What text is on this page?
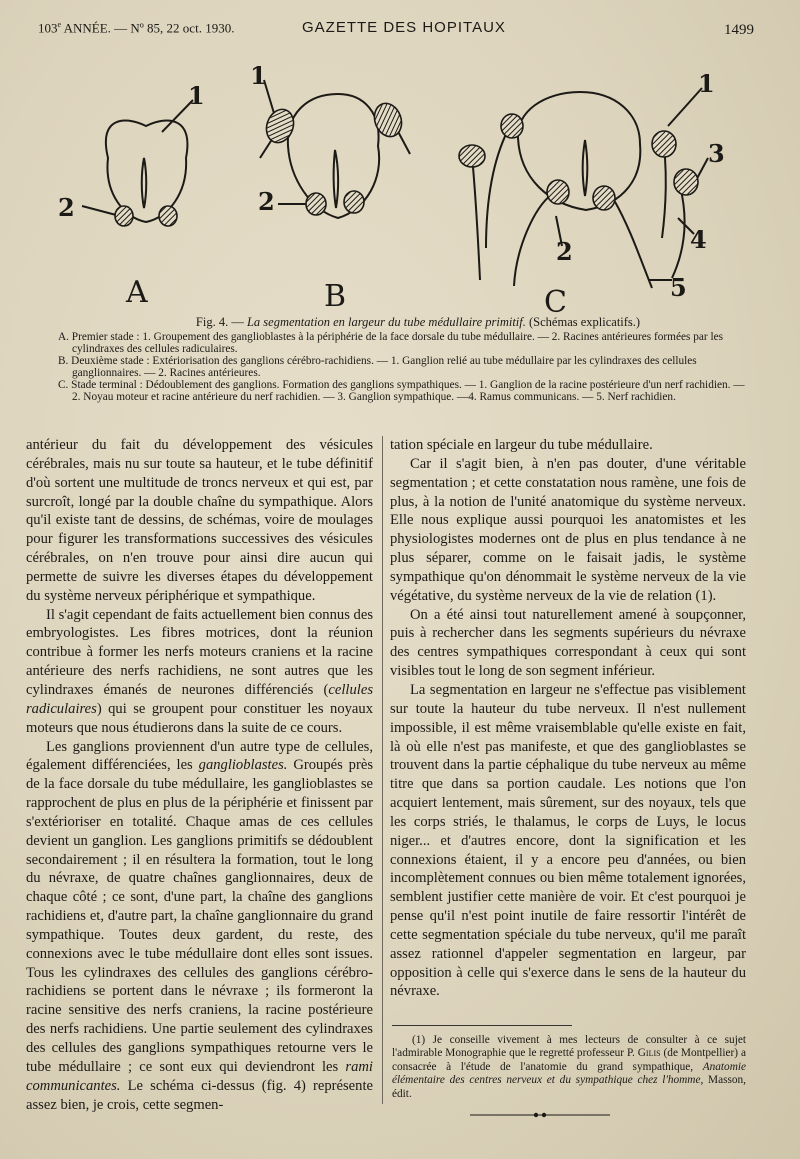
103e ANNÉE. — Nº 85, 22 oct. 1930.	GAZETTE DES HOPITAUX	1499
1
2
1
2
1
2
3
4
5
A	B	C
Fig. 4. — La segmentation en largeur du tube médullaire primitif. (Schémas explicatifs.)

A. Premier stade : 1. Groupement des ganglioblastes à la périphérie de la face dorsale du tube médullaire. — 2. Racines antérieures formées par les cylindraxes des cellules radiculaires.

B. Deuxième stade : Extériorisation des ganglions cérébro-rachidiens. — 1. Ganglion relié au tube médullaire par les cylindraxes des cellules ganglionnaires. — 2. Racines antérieures.

C. Stade terminal : Dédoublement des ganglions. Formation des ganglions sympathiques. — 1. Ganglion de la racine postérieure d'un nerf rachidien. — 2. Noyau moteur et racine antérieure du nerf rachidien. — 3. Ganglion sympathique. —4. Ramus communicans. — 5. Nerf rachidien.

antérieur du fait du développement des vésicules cérébrales, mais nu sur toute sa hauteur, et le tube définitif d'où sortent une multitude de troncs nerveux et qui est, par surcroît, longé par la double chaîne du sympathique. Alors qu'il existe tant de dessins, de schémas, voire de moulages pour figurer les transformations successives des vésicules cérébrales, on n'en trouve pour ainsi dire aucun qui permette de suivre les diverses étapes du développement du système nerveux périphérique et sympathique.

Il s'agit cependant de faits actuellement bien connus des embryologistes. Les fibres motrices, dont la réunion contribue à former les nerfs moteurs craniens et la racine antérieure des nerfs rachidiens, ne sont autres que les cylindraxes émanés de neurones différenciés (cellules radiculaires) qui se groupent pour constituer les noyaux moteurs que nous étudierons dans la suite de ce cours.

Les ganglions proviennent d'un autre type de cellules, également différenciées, les ganglioblastes. Groupés près de la face dorsale du tube médullaire, les ganglioblastes se rapprochent de plus en plus de la périphérie et finissent par s'extérioriser en totalité. Chaque amas de ces cellules devient un ganglion. Les ganglions primitifs se dédoublent secondairement ; il en résultera la formation, tout le long du névraxe, de quatre chaînes ganglionnaires, deux de chaque côté ; ce sont, d'une part, la chaîne des ganglions rachidiens et, d'autre part, la chaîne ganglionnaire du grand sympathique. Toutes deux gardent, du reste, des connexions avec le tube médullaire dont elles sont issues. Tous les cylindraxes des cellules des ganglions cérébro-rachidiens se portent dans le névraxe ; ils formeront la racine sensitive des nerfs craniens, la racine postérieure des nerfs rachidiens. Une partie seulement des cylindraxes des cellules des ganglions sympathiques retourne vers le tube médullaire ; ce sont eux qui deviendront les rami communicantes. Le schéma ci-dessus (fig. 4) représente assez bien, je crois, cette segmen-

tation spéciale en largeur du tube médullaire.

Car il s'agit bien, à n'en pas douter, d'une véritable segmentation ; et cette constatation nous ramène, une fois de plus, à la notion de l'unité anatomique du système nerveux. Elle nous explique aussi pourquoi les anatomistes et les physiologistes modernes ont de plus en plus tendance à ne plus séparer, comme on le faisait jadis, le système sympathique qu'on dénommait le système nerveux de la vie végétative, du système nerveux de la vie de relation (1).

On a été ainsi tout naturellement amené à soupçonner, puis à rechercher dans les segments supérieurs du névraxe des centres sympathiques correspondant à ceux qui sont visibles tout le long de son segment inférieur.

La segmentation en largeur ne s'effectue pas visiblement sur toute la hauteur du tube nerveux. Il n'est nullement impossible, il est même vraisemblable qu'elle existe en fait, là où elle n'est pas manifeste, et que des ganglioblastes se trouvent dans la partie céphalique du tube nerveux au même titre que dans sa portion caudale. Les notions que l'on acquiert lentement, mais sûrement, sur des noyaux, tels que les corps striés, le thalamus, le corps de Luys, le locus niger... et d'autres encore, dont la signification et les connexions étaient, il y a encore peu d'années, ou bien incomplètement connues ou bien même totalement ignorées, semblent justifier cette manière de voir. Et c'est pourquoi je pense qu'il n'est point inutile de faire ressortir l'intérêt de cette segmentation spéciale du tube nerveux, qu'il me paraît assez rationnel d'appeler segmentation en largeur, par opposition à celle qui s'exerce dans le sens de la hauteur du névraxe.

(1) Je conseille vivement à mes lecteurs de consulter à ce sujet l'admirable Monographie que le regretté professeur P. Gilis (de Montpellier) a consacrée à l'étude de l'anatomie du grand sympathique, Anatomie élémentaire des centres nerveux et du sympathique chez l'homme, Masson, édit.
